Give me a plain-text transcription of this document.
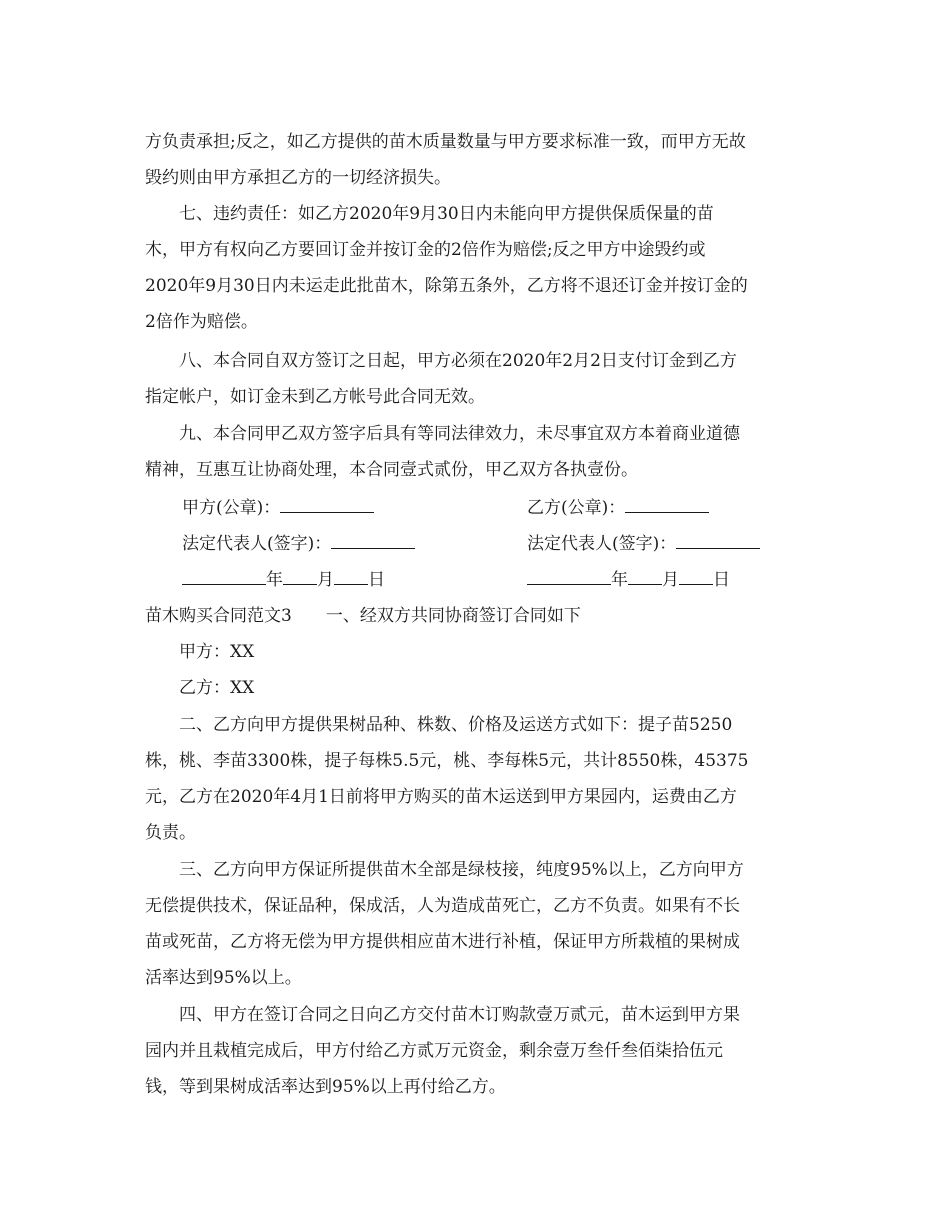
方负责承担;反之，如乙方提供的苗木质量数量与甲方要求标准一致，而甲方无故
毁约则由甲方承担乙方的一切经济损失。
七、违约责任：如乙方2020年9月30日内未能向甲方提供保质保量的苗
木，甲方有权向乙方要回订金并按订金的2倍作为赔偿;反之甲方中途毁约或
2020年9月30日内未运走此批苗木，除第五条外，乙方将不退还订金并按订金的
2倍作为赔偿。
八、本合同自双方签订之日起，甲方必须在2020年2月2日支付订金到乙方
指定帐户，如订金未到乙方帐号此合同无效。
九、本合同甲乙双方签字后具有等同法律效力，未尽事宜双方本着商业道德
精神，互惠互让协商处理，本合同壹式贰份，甲乙双方各执壹份。
甲方(公章)：	乙方(公章)：
法定代表人(签字)：	法定代表人(签字)：
年 月 日	年 月 日
苗木购买合同范文3　　一、经双方共同协商签订合同如下
甲方：XX
乙方：XX
二、乙方向甲方提供果树品种、株数、价格及运送方式如下：提子苗5250
株，桃、李苗3300株，提子每株5.5元，桃、李每株5元，共计8550株，45375
元，乙方在2020年4月1日前将甲方购买的苗木运送到甲方果园内，运费由乙方
负责。
三、乙方向甲方保证所提供苗木全部是绿枝接，纯度95%以上，乙方向甲方
无偿提供技术，保证品种，保成活，人为造成苗死亡，乙方不负责。如果有不长
苗或死苗，乙方将无偿为甲方提供相应苗木进行补植，保证甲方所栽植的果树成
活率达到95%以上。
四、甲方在签订合同之日向乙方交付苗木订购款壹万贰元，苗木运到甲方果
园内并且栽植完成后，甲方付给乙方贰万元资金，剩余壹万叁仟叁佰柒拾伍元
钱，等到果树成活率达到95%以上再付给乙方。
